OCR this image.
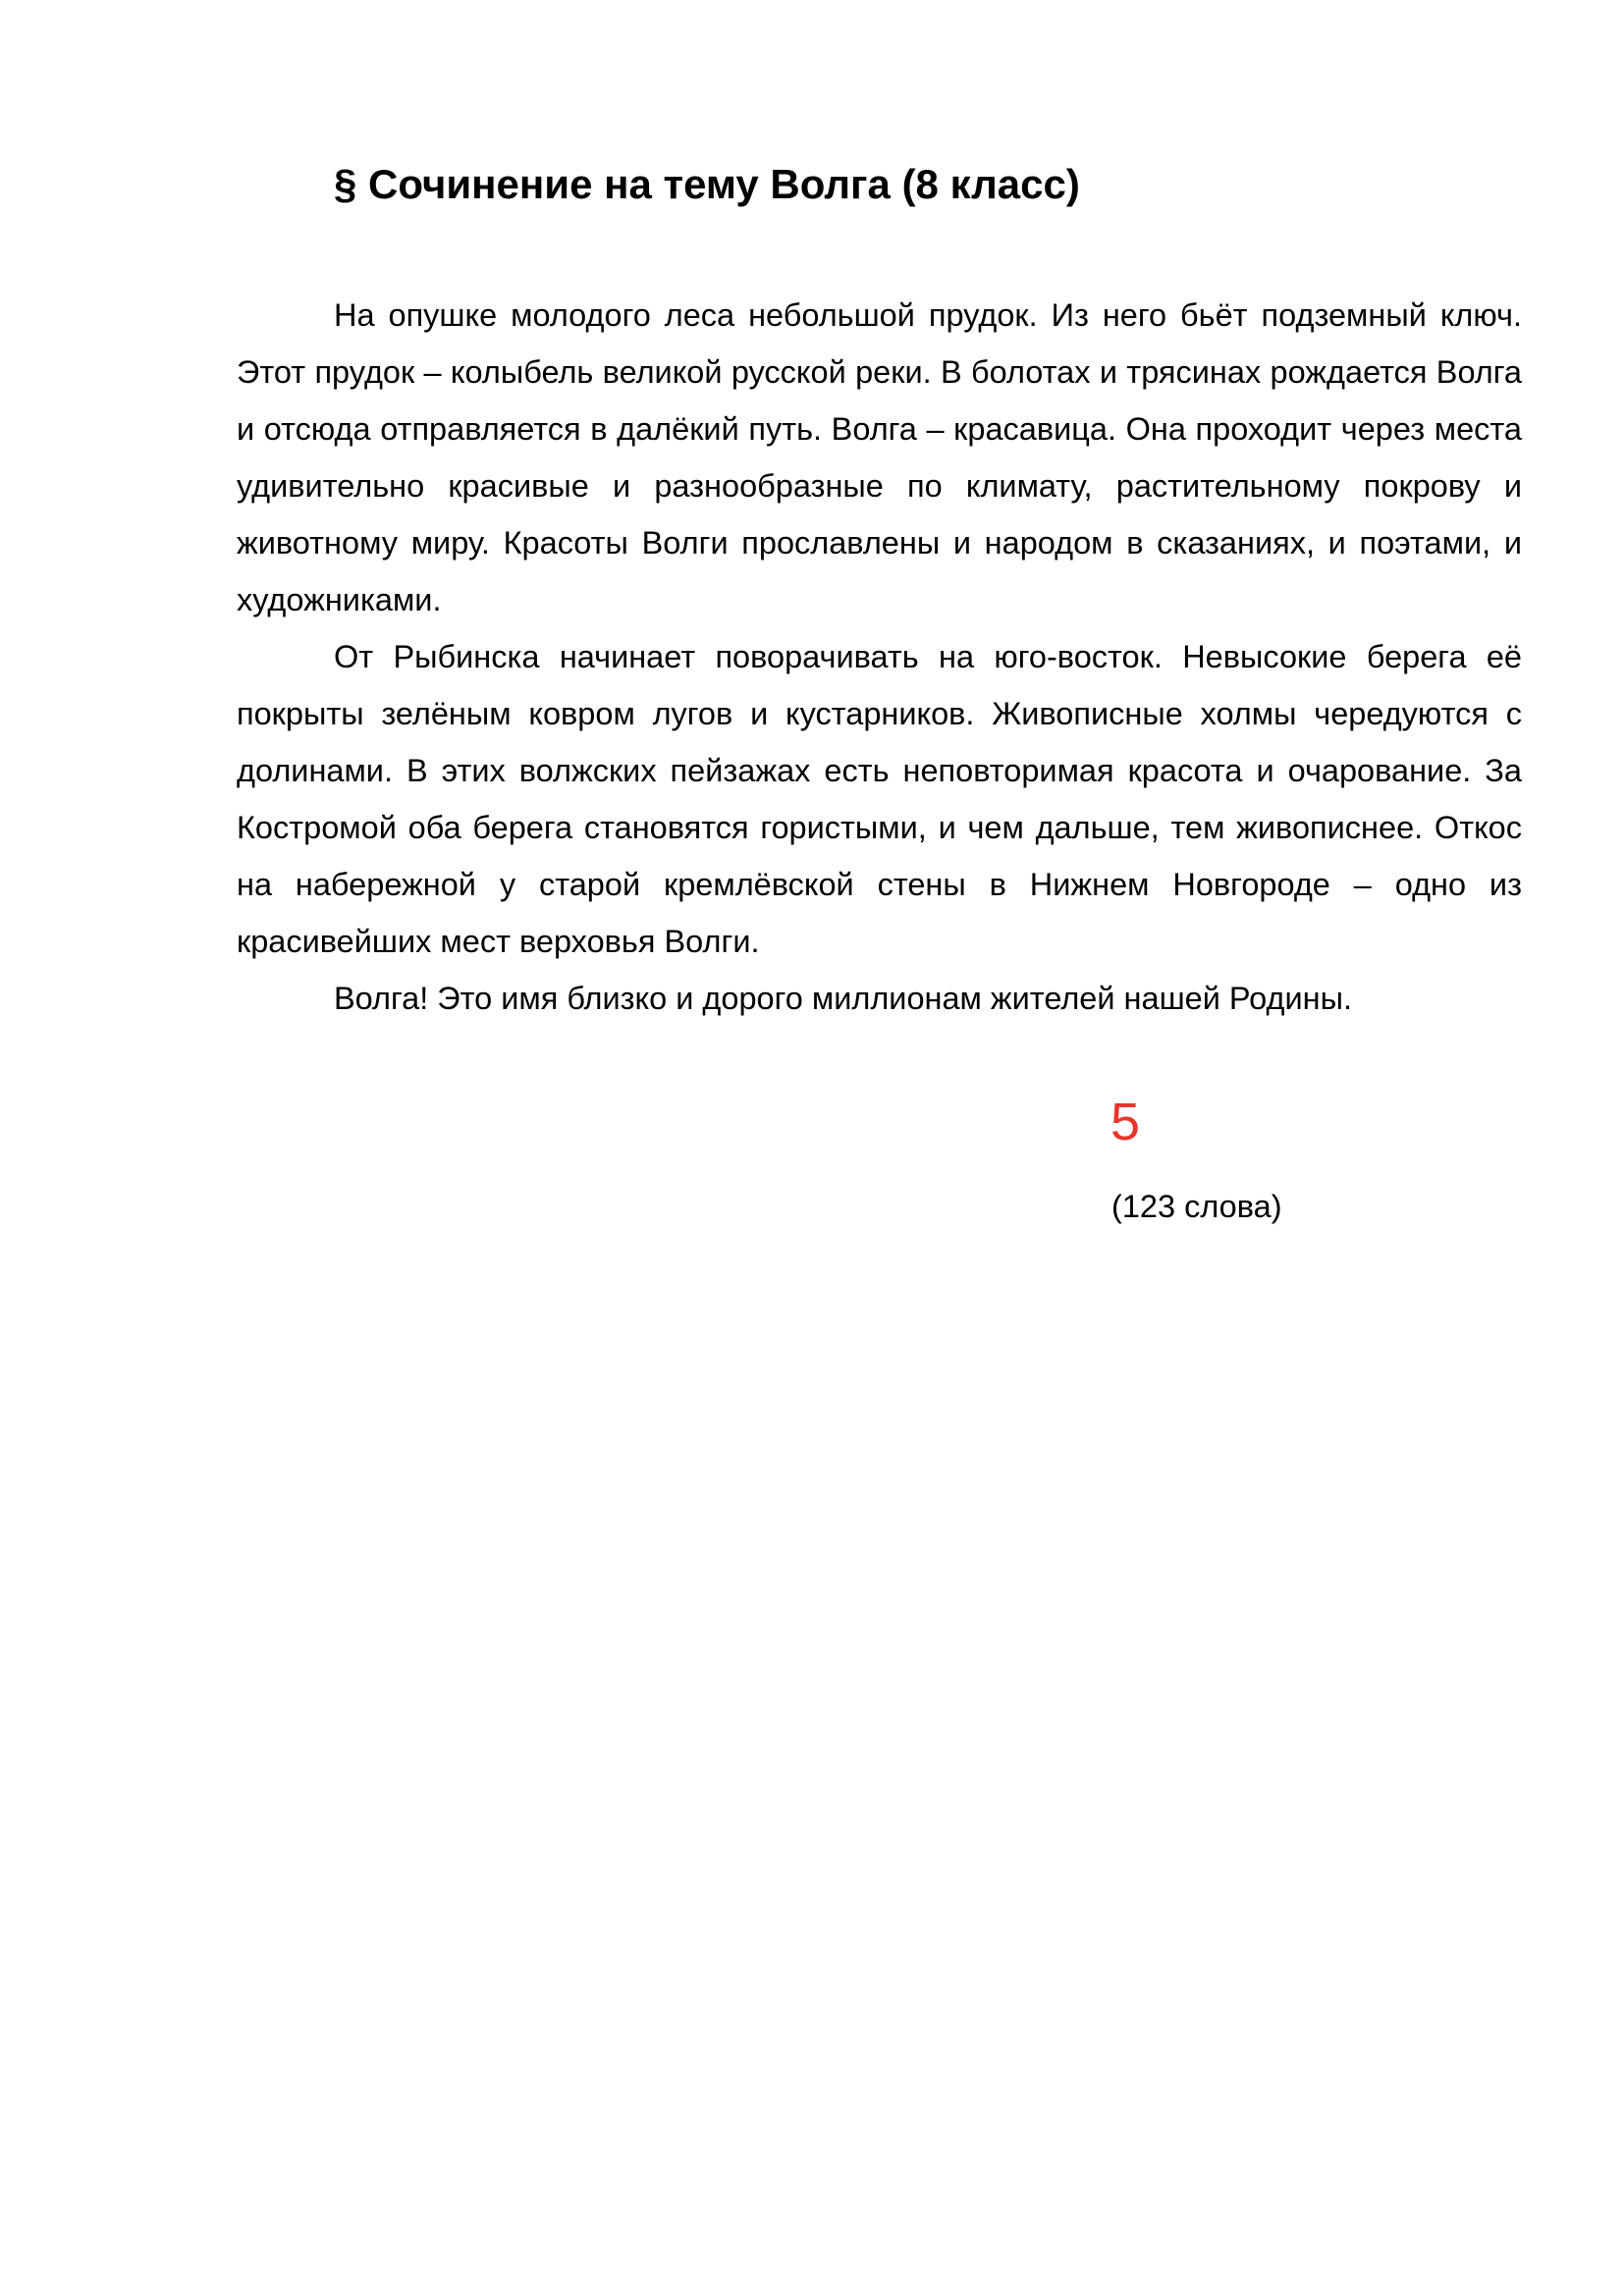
§ Сочинение на тему Волга (8 класс)

На опушке молодого леса небольшой прудок. Из него бьёт подземный ключ. Этот прудок – колыбель великой русской реки. В болотах и трясинах рождается Волга и отсюда отправляется в далёкий путь. Волга – красавица. Она проходит через места удивительно красивые и разнообразные по климату, растительному покрову и животному миру. Красоты Волги прославлены и народом в сказаниях, и поэтами, и художниками.

От Рыбинска начинает поворачивать на юго-восток. Невысокие берега её покрыты зелёным ковром лугов и кустарников. Живописные холмы чередуются с долинами. В этих волжских пейзажах есть неповторимая красота и очарование. За Костромой оба берега становятся гористыми, и чем дальше, тем живописнее. Откос на набережной у старой кремлёвской стены в Нижнем Новгороде – одно из красивейших мест верховья Волги.

Волга! Это имя близко и дорого миллионам жителей нашей Родины.

5
(123 слова)
